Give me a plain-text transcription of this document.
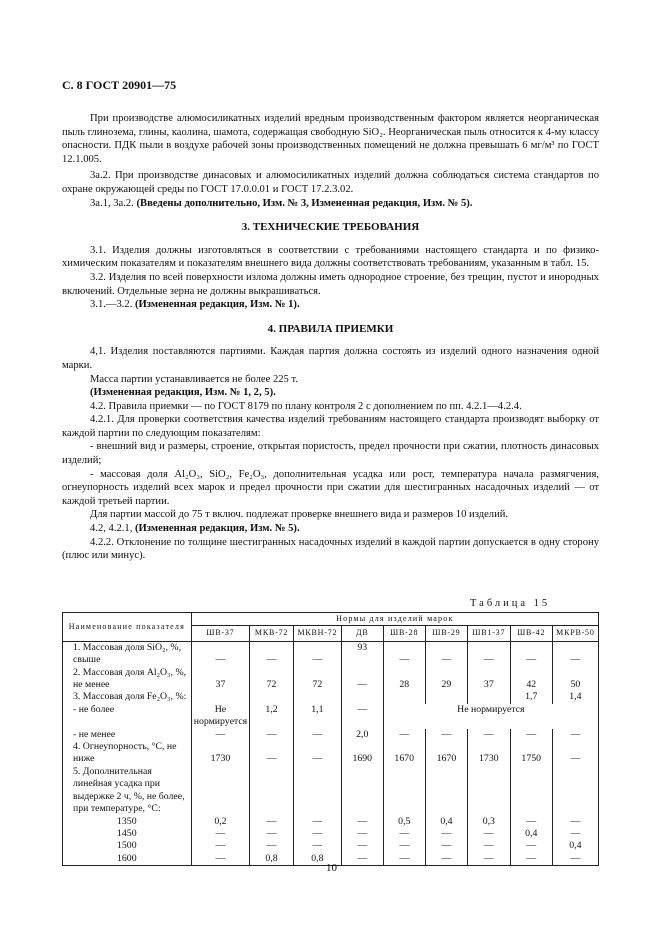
С. 8 ГОСТ 20901—75

При производстве алюмосиликатных изделий вредным производственным фактором является неорганическая пыль глинозема, глины, каолина, шамота, содержащая свободную SiO₂. Неорганическая пыль относится к 4-му классу опасности. ПДК пыли в воздухе рабочей зоны производственных помещений не должна превышать 6 мг/м³ по ГОСТ 12.1.005.

3а.2. При производстве динасовых и алюмосиликатных изделий должна соблюдаться система стандартов по охране окружающей среды по ГОСТ 17.0.0.01 и ГОСТ 17.2.3.02.

3а.1, 3а.2. (Введены дополнительно, Изм. № 3, Измененная редакция, Изм. № 5).

3. ТЕХНИЧЕСКИЕ ТРЕБОВАНИЯ

3.1. Изделия должны изготовляться в соответствии с требованиями настоящего стандарта и по физико-химическим показателям и показателям внешнего вида должны соответствовать требованиям, указанным в табл. 15.

3.2. Изделия по всей поверхности излома должны иметь однородное строение, без трещин, пустот и инородных включений. Отдельные зерна не должны выкрашиваться.

3.1.—3.2. (Измененная редакция, Изм. № 1).

4. ПРАВИЛА ПРИЕМКИ

4,1. Изделия поставляются партиями. Каждая партия должна состоять из изделий одного назначения одной марки.

Масса партии устанавливается не более 225 т.

(Измененная редакция, Изм. № 1, 2, 5).

4.2. Правила приемки — по ГОСТ 8179 по плану контроля 2 с дополнением по пп. 4.2.1—4.2.4.

4.2.1. Для проверки соответствия качества изделий требованиям настоящего стандарта производят выборку от каждой партии по следующим показателям:

- внешний вид и размеры, строение, открытая пористость, предел прочности при сжатии, плотность динасовых изделий;

- массовая доля Al₂O₃, SiO₂, Fe₂O₃, дополнительная усадка или рост, температура начала размягчения, огнеупорность изделий всех марок и предел прочности при сжатии для шестигранных насадочных изделий — от каждой третьей партии.

Для партии массой до 75 т включ. подлежат проверке внешнего вида и размеров 10 изделий.

4.2, 4.2.1, (Измененная редакция, Изм. № 5).

4.2.2. Отклонение по толщине шестигранных насадочных изделий в каждой партии допускается в одну сторону (плюс или минус).

Таблица 15
Наименование показателя	Нормы для изделий марок								
	ШВ-37	МКВ-72	МКВН-72	ДВ	ШВ-28	ШВ-29	ШВ1-37	ШВ-42	МКРВ-50
1. Массовая доля SiO₂, %, свыше	—	—	—	93	—	—	—	—	—
2. Массовая доля Al₂O₃, %, не менее	37	72	72	—	28	29	37	42	50
3. Массовая доля Fe₂O₃, %:								1,7	1,4
- не более	Не нормируется	1,2	1,1	—	Не нормируется				
- не менее	—	—	—	2,0	—	—	—	—	—
4. Огнеупорность, °С, не ниже	1730	—	—	1690	1670	1670	1730	1750	—
5. Дополнительная линейная усадка при выдержке 2 ч, %, не более, при температуре, °С:									
1350	0,2	—	—	—	0,5	0,4	0,3	—	—
1450	—	—	—	—	—	—	—	0,4	—
1500	—	—	—	—	—	—	—	—	0,4
1600	—	0,8	0,8	—	—	—	—	—	—
10
